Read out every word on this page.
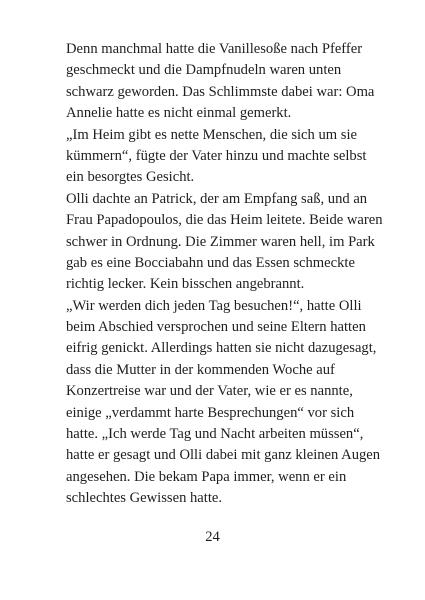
Denn manchmal hatte die Vanillesoße nach Pfeffer
geschmeckt und die Dampfnudeln waren unten
schwarz geworden. Das Schlimmste dabei war: Oma
Annelie hatte es nicht einmal gemerkt.
„Im Heim gibt es nette Menschen, die sich um sie
kümmern“, fügte der Vater hinzu und machte selbst
ein besorgtes Gesicht.
Olli dachte an Patrick, der am Empfang saß, und an
Frau Papadopoulos, die das Heim leitete. Beide waren
schwer in Ordnung. Die Zimmer waren hell, im Park
gab es eine Bocciabahn und das Essen schmeckte
richtig lecker. Kein bisschen angebrannt.
„Wir werden dich jeden Tag besuchen!“, hatte Olli
beim Abschied versprochen und seine Eltern hatten
eifrig genickt. Allerdings hatten sie nicht dazugesagt,
dass die Mutter in der kommenden Woche auf
Konzertreise war und der Vater, wie er es nannte,
einige „verdammt harte Besprechungen“ vor sich
hatte. „Ich werde Tag und Nacht arbeiten müssen“,
hatte er gesagt und Olli dabei mit ganz kleinen Augen
angesehen. Die bekam Papa immer, wenn er ein
schlechtes Gewissen hatte.
24
